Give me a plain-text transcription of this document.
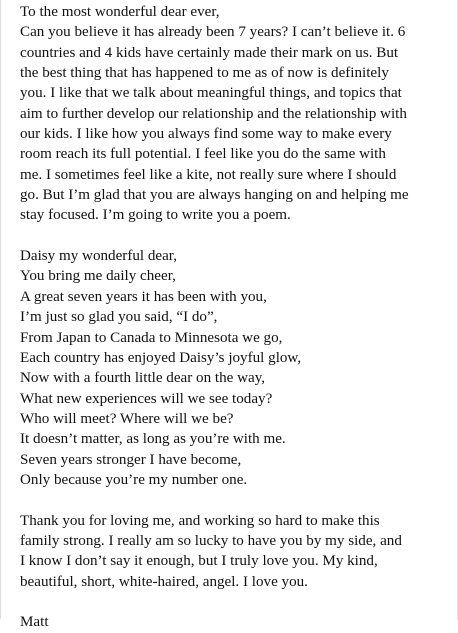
To the most wonderful dear ever,
Can you believe it has already been 7 years? I can’t believe it. 6
countries and 4 kids have certainly made their mark on us. But
the best thing that has happened to me as of now is definitely
you. I like that we talk about meaningful things, and topics that
aim to further develop our relationship and the relationship with
our kids. I like how you always find some way to make every
room reach its full potential. I feel like you do the same with
me. I sometimes feel like a kite, not really sure where I should
go. But I’m glad that you are always hanging on and helping me
stay focused. I’m going to write you a poem.
Daisy my wonderful dear,
You bring me daily cheer,
A great seven years it has been with you,
I’m just so glad you said, “I do”,
From Japan to Canada to Minnesota we go,
Each country has enjoyed Daisy’s joyful glow,
Now with a fourth little dear on the way,
What new experiences will we see today?
Who will meet? Where will we be?
It doesn’t matter, as long as you’re with me.
Seven years stronger I have become,
Only because you’re my number one.
Thank you for loving me, and working so hard to make this
family strong. I really am so lucky to have you by my side, and
I know I don’t say it enough, but I truly love you. My kind,
beautiful, short, white-haired, angel. I love you.
Matt
